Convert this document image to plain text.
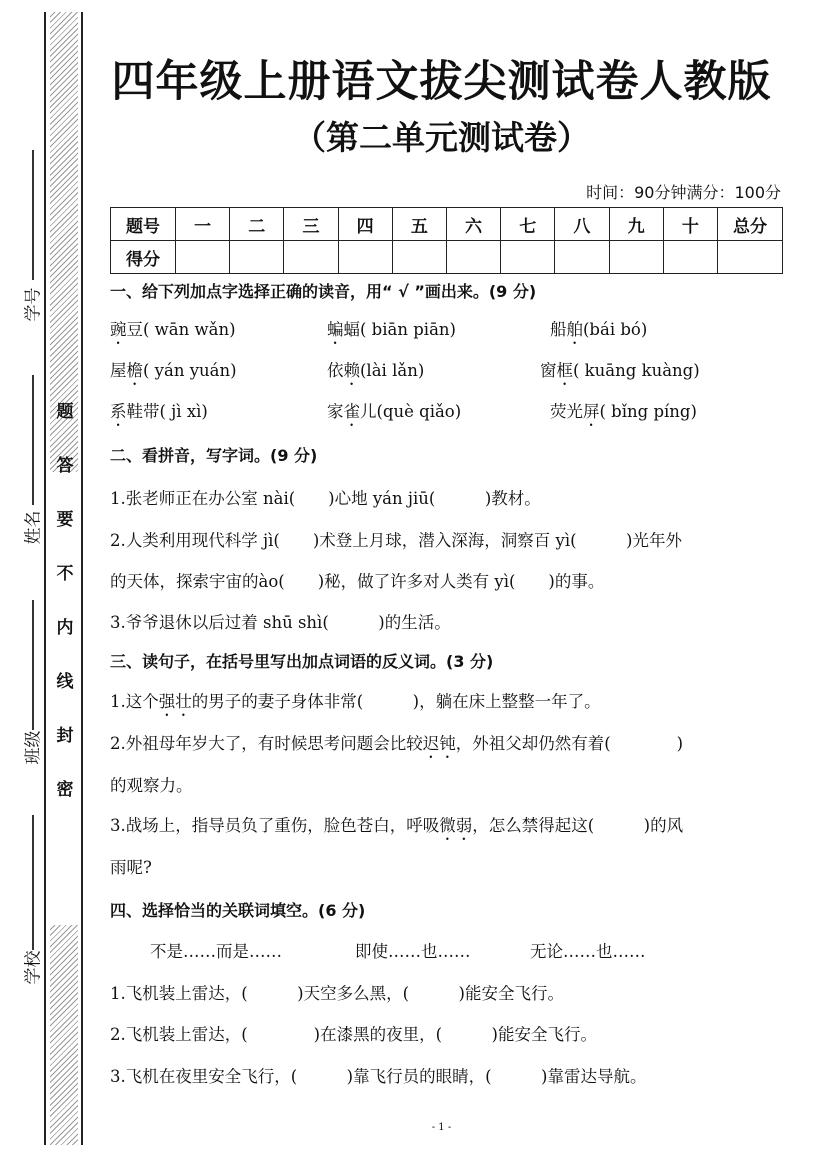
题
答
要
不
内
线
封
密
学号
姓名
班级
学校
四年级上册语文拔尖测试卷人教版
（第二单元测试卷）
时间：90分钟满分：100分
题号	一	二	三	四	五	六	七	八	九	十	总分
得分											
一、给下列加点字选择正确的读音，用“ √ ”画出来。(9 分)
豌豆( wān wǎn)	蝙蝠( biān piān)	船舶(bái bó)
屋檐( yán yuán)	依赖(lài lǎn)	窗框( kuāng kuàng)
系鞋带( jì xì)	家雀儿(què qiǎo)	荧光屏( bǐng píng)
二、看拼音，写字词。(9 分)
1.张老师正在办公室 nài(　　)心地 yán jiū(　　　)教材。
2.人类利用现代科学 jì(　　)术登上月球，潜入深海，洞察百 yì(　　　)光年外
的天体，探索宇宙的ào(　　)秘，做了许多对人类有 yì(　　)的事。
3.爷爷退休以后过着 shū shì(　　　)的生活。
三、读句子，在括号里写出加点词语的反义词。(3 分)
1.这个强壮的男子的妻子身体非常(　　　)，躺在床上整整一年了。
2.外祖母年岁大了，有时候思考问题会比较迟钝，外祖父却仍然有着(　　　　)
的观察力。
3.战场上，指导员负了重伤，脸色苍白，呼吸微弱，怎么禁得起这(　　　)的风
雨呢?
四、选择恰当的关联词填空。(6 分)
不是……而是……	即使……也……	无论……也……
1.飞机装上雷达，(　　　)天空多么黑，(　　　)能安全飞行。
2.飞机装上雷达，(　　　　)在漆黑的夜里，(　　　)能安全飞行。
3.飞机在夜里安全飞行，(　　　)靠飞行员的眼睛，(　　　)靠雷达导航。
- 1 -
